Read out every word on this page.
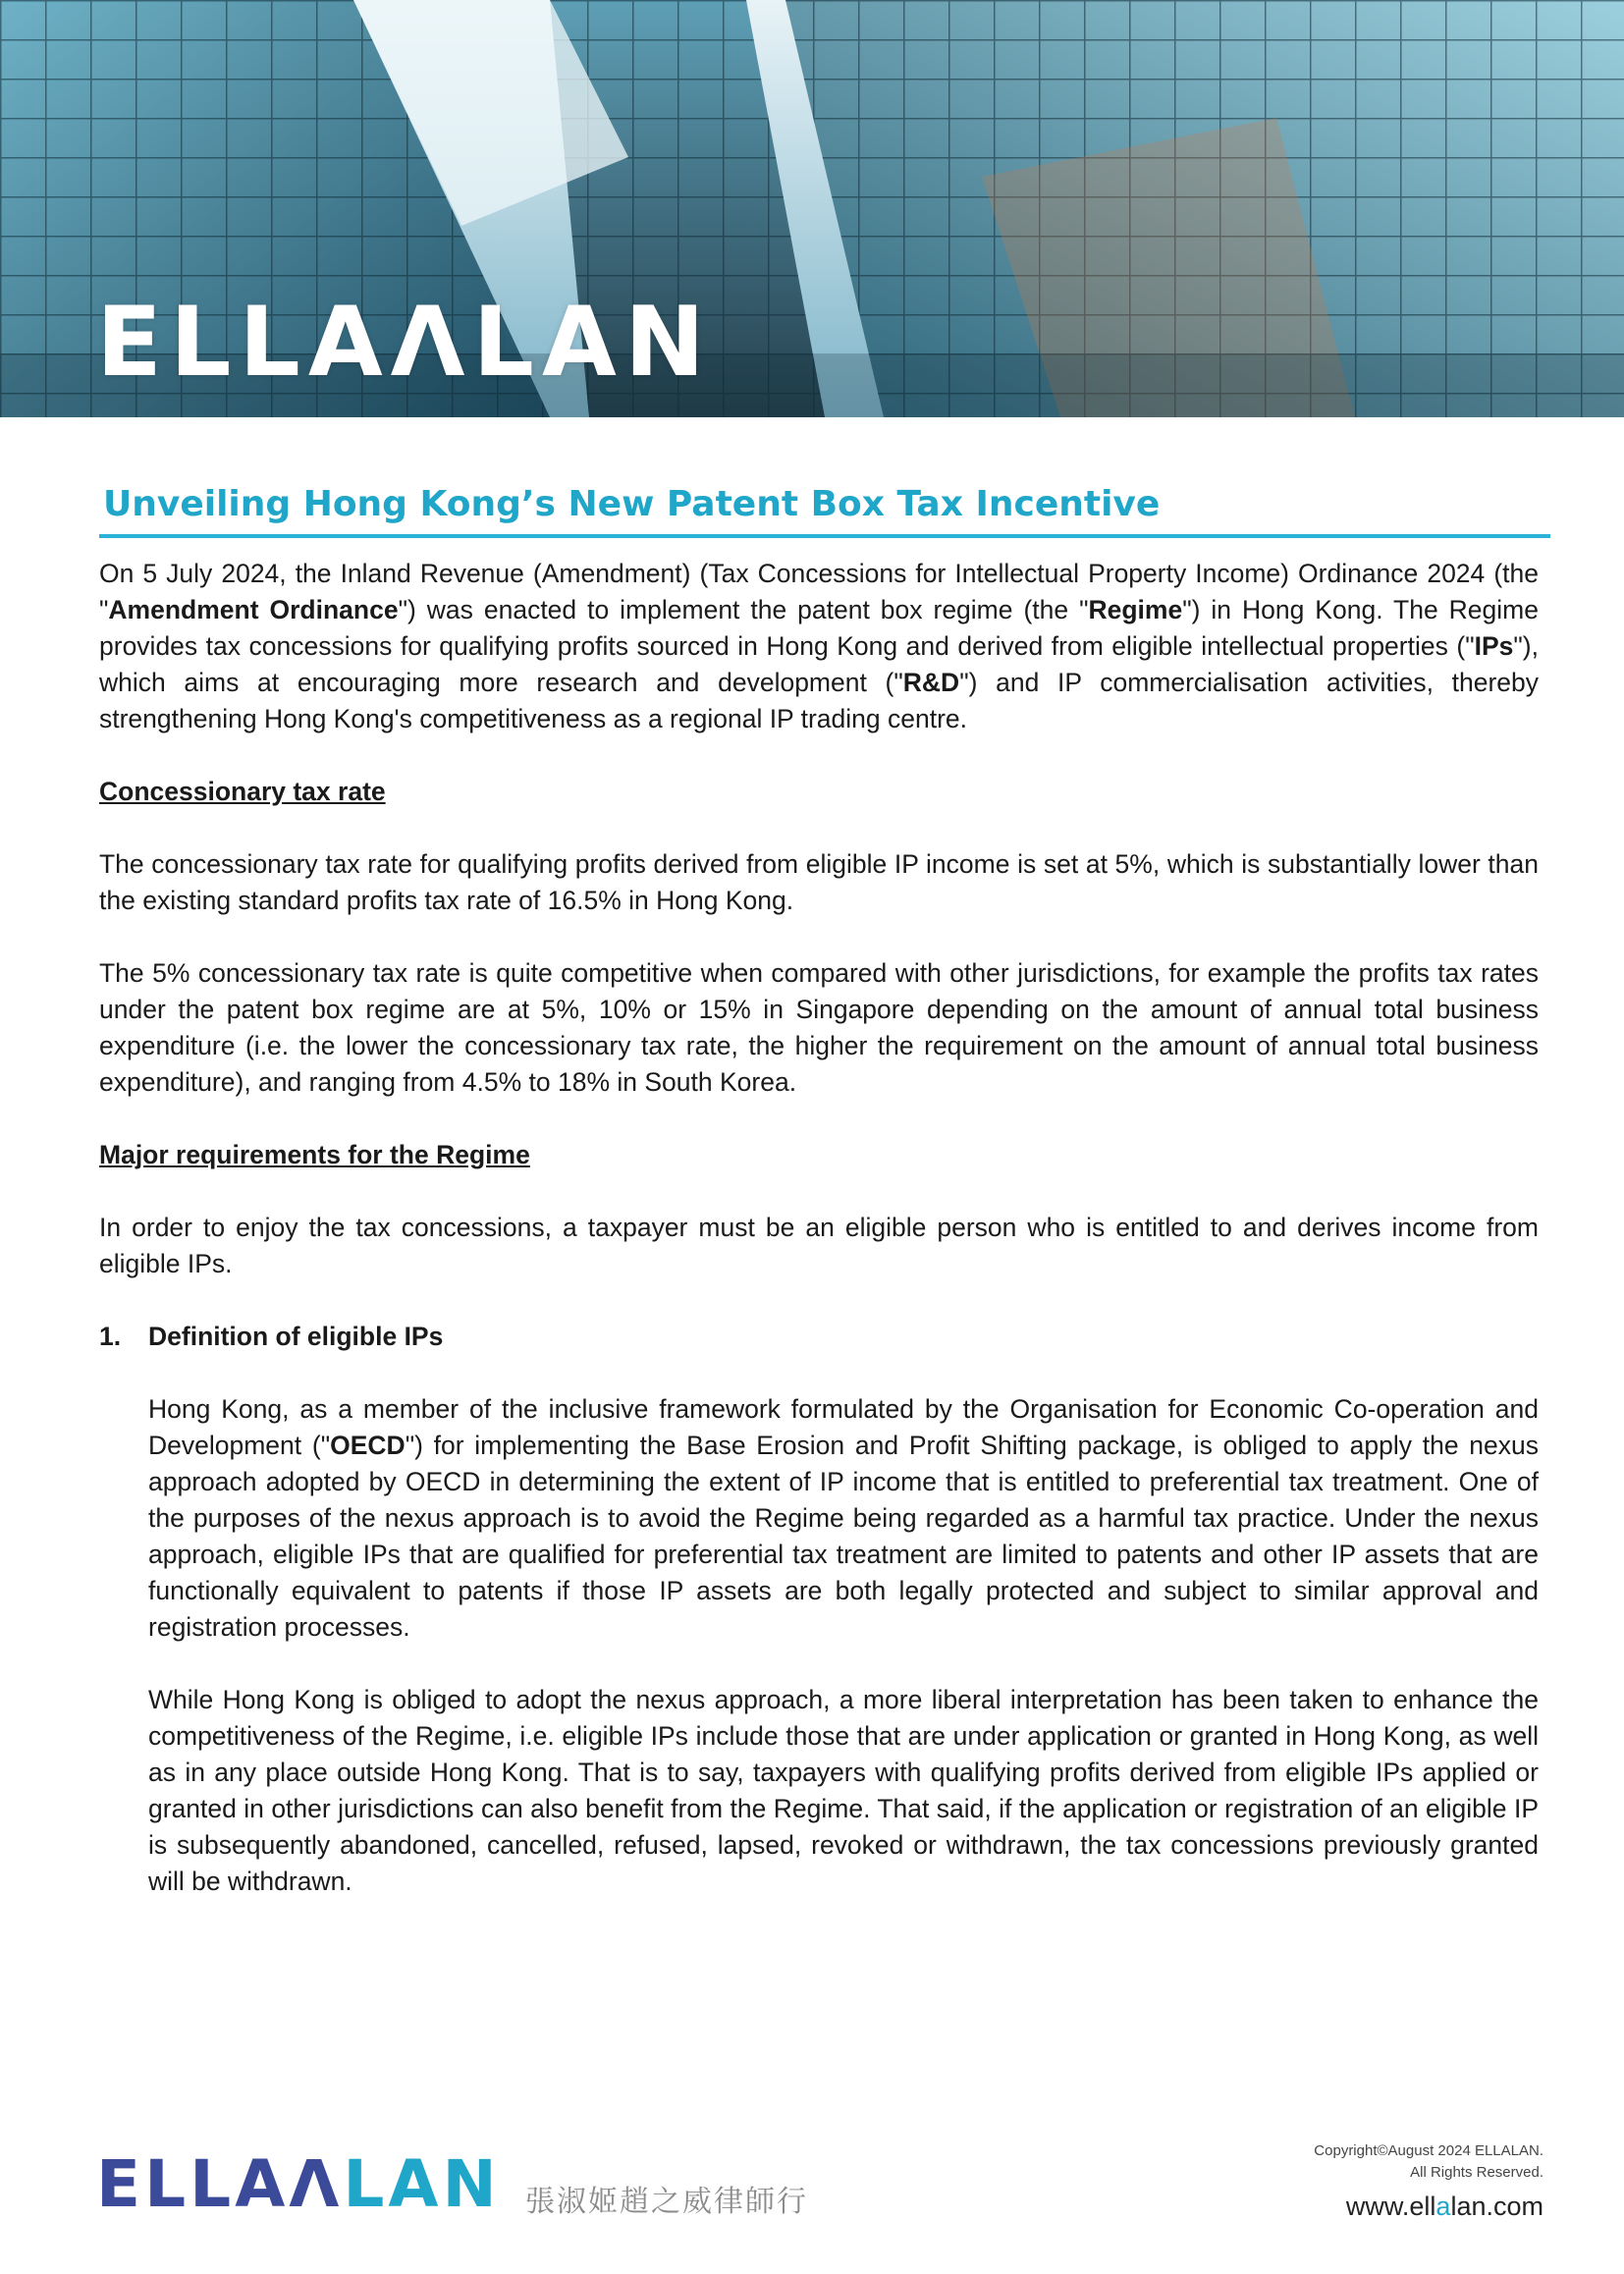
ELLAΛLAN
Unveiling Hong Kong’s New Patent Box Tax Incentive

On 5 July 2024, the Inland Revenue (Amendment) (Tax Concessions for Intellectual Property Income) Ordinance 2024 (the "Amendment Ordinance") was enacted to implement the patent box regime (the "Regime") in Hong Kong. The Regime provides tax concessions for qualifying profits sourced in Hong Kong and derived from eligible intellectual properties ("IPs"), which aims at encouraging more research and development ("R&D") and IP commercialisation activities, thereby strengthening Hong Kong's competitiveness as a regional IP trading centre.

Concessionary tax rate

The concessionary tax rate for qualifying profits derived from eligible IP income is set at 5%, which is substantially lower than the existing standard profits tax rate of 16.5% in Hong Kong.

The 5% concessionary tax rate is quite competitive when compared with other jurisdictions, for example the profits tax rates under the patent box regime are at 5%, 10% or 15% in Singapore depending on the amount of annual total business expenditure (i.e. the lower the concessionary tax rate, the higher the requirement on the amount of annual total business expenditure), and ranging from 4.5% to 18% in South Korea.

Major requirements for the Regime

In order to enjoy the tax concessions, a taxpayer must be an eligible person who is entitled to and derives income from eligible IPs.

1.	Definition of eligible IPs

Hong Kong, as a member of the inclusive framework formulated by the Organisation for Economic Co-operation and Development ("OECD") for implementing the Base Erosion and Profit Shifting package, is obliged to apply the nexus approach adopted by OECD in determining the extent of IP income that is entitled to preferential tax treatment. One of the purposes of the nexus approach is to avoid the Regime being regarded as a harmful tax practice. Under the nexus approach, eligible IPs that are qualified for preferential tax treatment are limited to patents and other IP assets that are functionally equivalent to patents if those IP assets are both legally protected and subject to similar approval and registration processes.

While Hong Kong is obliged to adopt the nexus approach, a more liberal interpretation has been taken to enhance the competitiveness of the Regime, i.e. eligible IPs include those that are under application or granted in Hong Kong, as well as in any place outside Hong Kong. That is to say, taxpayers with qualifying profits derived from eligible IPs applied or granted in other jurisdictions can also benefit from the Regime. That said, if the application or registration of an eligible IP is subsequently abandoned, cancelled, refused, lapsed, revoked or withdrawn, the tax concessions previously granted will be withdrawn.

ELLAΛLAN 張淑姬趙之威律師行
Copyright©August 2024 ELLALAN.
All Rights Reserved.
www.ellalan.com
